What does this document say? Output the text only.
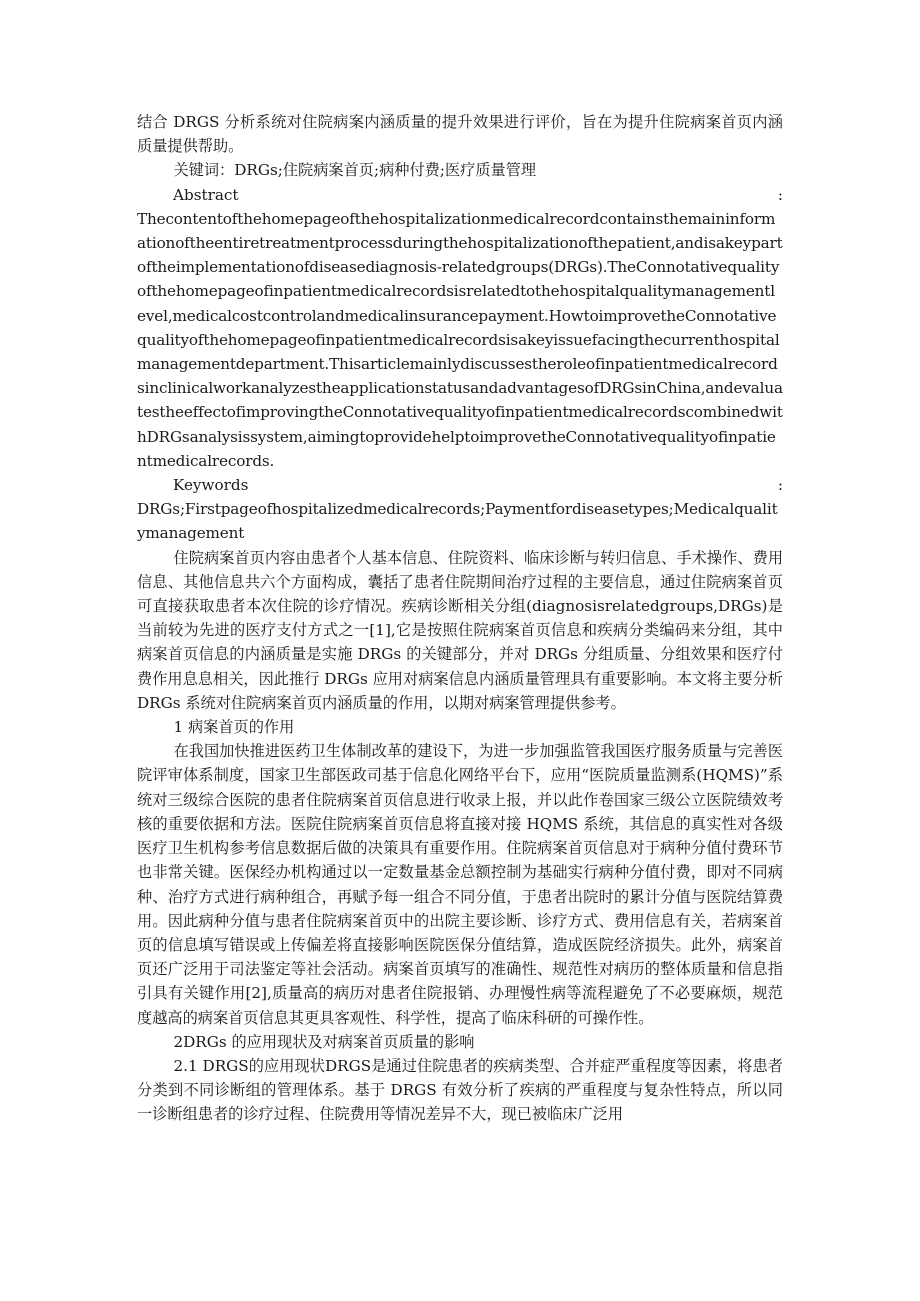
结合 DRGS 分析系统对住院病案内涵质量的提升效果进行评价，旨在为提升住院病案首页内涵质量提供帮助。

关键词：DRGs;住院病案首页;病种付费;医疗质量管理

Abstract	:

Thecontentofthehomepageofthehospitalizationmedicalrecordcontainsthemaininformationoftheentiretreatmentprocessduringthehospitalizationofthepatient,andisakeypartoftheimplementationofdiseasediagnosis-relatedgroups(DRGs).TheConnotativequalityofthehomepageofinpatientmedicalrecordsisrelatedtothehospitalqualitymanagementlevel,medicalcostcontrolandmedicalinsurancepayment.HowtoimprovetheConnotativequalityofthehomepageofinpatientmedicalrecordsisakeyissuefacingthecurrenthospitalmanagementdepartment.ThisarticlemainlydiscussestheroleofinpatientmedicalrecordsinclinicalworkanalyzestheapplicationstatusandadvantagesofDRGsinChina,andevaluatestheeffectofimprovingtheConnotativequalityofinpatientmedicalrecordscombinedwithDRGsanalysissystem,aimingtoprovidehelptoimprovetheConnotativequalityofinpatientmedicalrecords.

Keywords	:

DRGs;Firstpageofhospitalizedmedicalrecords;Paymentfordiseasetypes;Medicalqualitymanagement

住院病案首页内容由患者个人基本信息、住院资料、临床诊断与转归信息、手术操作、费用信息、其他信息共六个方面构成，囊括了患者住院期间治疗过程的主要信息，通过住院病案首页可直接获取患者本次住院的诊疗情况。疾病诊断相关分组(diagnosisrelatedgroups,DRGs)是当前较为先进的医疗支付方式之一[1],它是按照住院病案首页信息和疾病分类编码来分组，其中病案首页信息的内涵质量是实施 DRGs 的关键部分，并对 DRGs 分组质量、分组效果和医疗付费作用息息相关，因此推行 DRGs 应用对病案信息内涵质量管理具有重要影响。本文将主要分析 DRGs 系统对住院病案首页内涵质量的作用，以期对病案管理提供参考。

1 病案首页的作用

在我国加快推进医药卫生体制改革的建设下，为进一步加强监管我国医疗服务质量与完善医院评审体系制度，国家卫生部医政司基于信息化网络平台下，应用“医院质量监测系(HQMS)”系统对三级综合医院的患者住院病案首页信息进行收录上报，并以此作卷国家三级公立医院绩效考核的重要依据和方法。医院住院病案首页信息将直接对接 HQMS 系统，其信息的真实性对各级医疗卫生机构参考信息数据后做的决策具有重要作用。住院病案首页信息对于病种分值付费环节也非常关键。医保经办机构通过以一定数量基金总额控制为基础实行病种分值付费，即对不同病种、治疗方式进行病种组合，再赋予每一组合不同分值，于患者出院时的累计分值与医院结算费用。因此病种分值与患者住院病案首页中的出院主要诊断、诊疗方式、费用信息有关，若病案首页的信息填写错误或上传偏差将直接影响医院医保分值结算，造成医院经济损失。此外，病案首页还广泛用于司法鉴定等社会活动。病案首页填写的准确性、规范性对病历的整体质量和信息指引具有关键作用[2],质量高的病历对患者住院报销、办理慢性病等流程避免了不必要麻烦，规范度越高的病案首页信息其更具客观性、科学性，提高了临床科研的可操作性。

2DRGs 的应用现状及对病案首页质量的影响

2.1 DRGS的应用现状DRGS是通过住院患者的疾病类型、合并症严重程度等因素，将患者分类到不同诊断组的管理体系。基于 DRGS 有效分析了疾病的严重程度与复杂性特点，所以同一诊断组患者的诊疗过程、住院费用等情况差异不大，现已被临床广泛用
